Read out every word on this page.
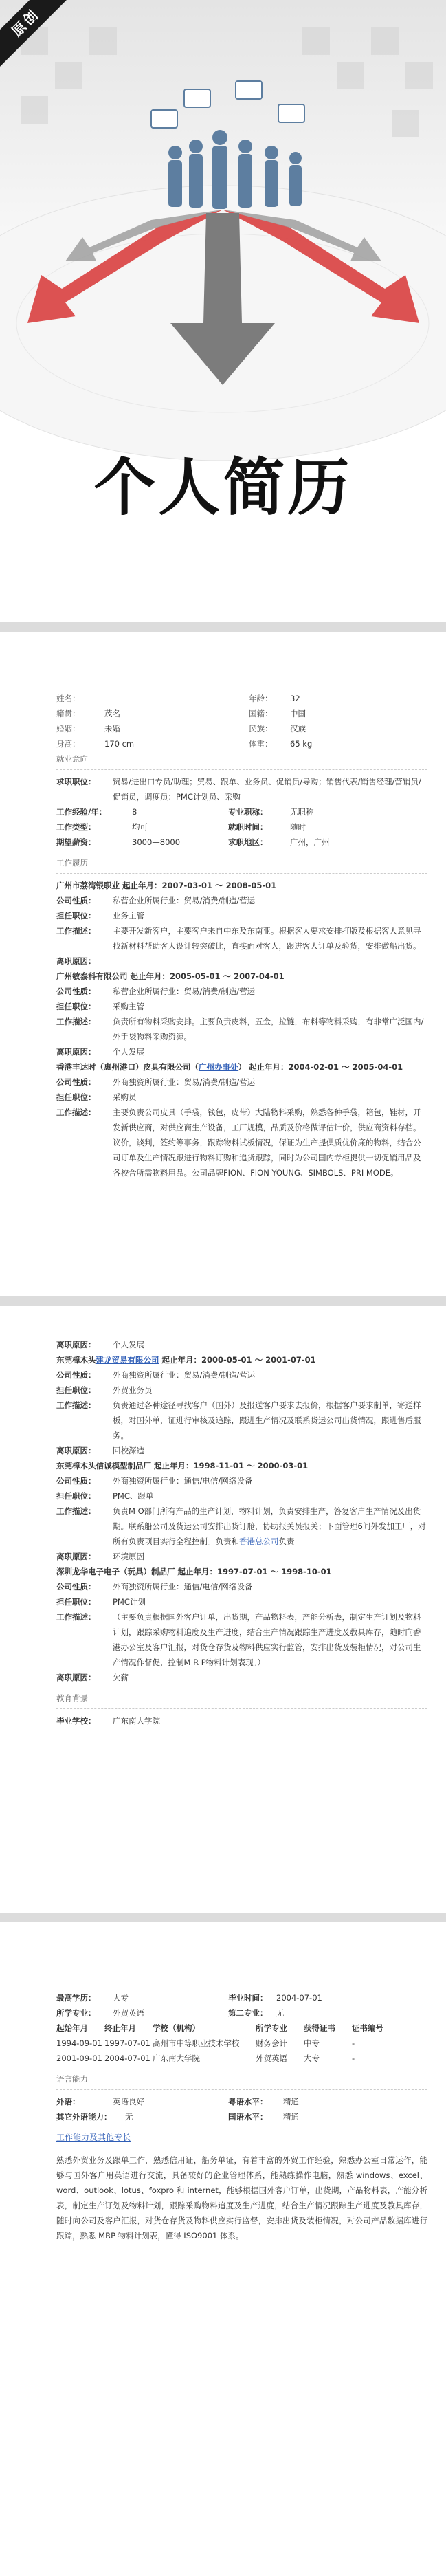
原创
个人简历
姓名：	年龄： 32
籍贯：	茂名	国籍： 中国
婚姻：	未婚	民族： 汉族
身高：	170 cm	体重： 65 kg
就业意向
求职职位： 贸易/进出口专员/助理；贸易、跟单、业务员、促销员/导购；销售代表/销售经理/营销员/促销员，调度员：PMC计划员、采购
工作经验/年：	8	专业职称：	无职称
工作类型：	均可	就职时间：	随时
期望薪资：	3000—8000	求职地区：	广州，广州
工作履历
广州市荔湾银职业 起止年月：2007-03-01 ～ 2008-05-01
公司性质： 私营企业所属行业：贸易/消费/制造/营运
担任职位： 业务主管
工作描述： 主要开发新客户，主要客户来自中东及东南亚。根据客人要求安排打版及根据客人意见寻找新材料帮助客人设计较突破比，直接面对客人，跟进客人订单及验货，安排做船出货。
离职原因：
广州敏泰科有限公司 起止年月：2005-05-01 ～ 2007-04-01
公司性质： 私营企业所属行业：贸易/消费/制造/营运
担任职位： 采购主管
工作描述： 负责所有物料采购安排。主要负责皮料，五金，拉链，布料等物料采购，有非常广泛国内/外手袋物料采购资源。
离职原因： 个人发展
香港丰达时（惠州港口）皮具有限公司（广州办事处） 起止年月：2004-02-01 ～ 2005-04-01
公司性质： 外商独资所属行业：贸易/消费/制造/营运
担任职位： 采购员
工作描述： 主要负责公司皮具（手袋，钱包，皮带）大陆物料采购，熟悉各种手袋，箱包，鞋材，开发新供应商，对供应商生产设备，工厂规模，品质及价格做评估计价，供应商资料存档。议价，谈判，签约等事务，跟踪物料试板情况，保证为生产提供质优价廉的物料，结合公司订单及生产情况跟进行物料订购和追货跟踪，同时为公司国内专柜提供一切促销用品及各校合所需物料用品。公司品牌FION、FION YOUNG、SIMBOLS、PRI MODE。
离职原因： 个人发展
东莞樟木头建龙贸易有限公司 起止年月：2000-05-01 ～ 2001-07-01
公司性质： 外商独资所属行业：贸易/消费/制造/营运
担任职位： 外贸业务员
工作描述： 负责通过各种途径寻找客户（国外）及报送客户要求去报价，根据客户要求制单，寄送样板，对国外单，证进行审核及追踪，跟进生产情况及联系货运公司出货情况，跟进售后服务。
离职原因： 回校深造
东莞樟木头信诚模型制品厂 起止年月：1998-11-01 ～ 2000-03-01
公司性质： 外商独资所属行业：通信/电信/网络设备
担任职位： PMC、跟单
工作描述： 负责M O部门所有产品的生产计划，物料计划，负责安排生产，答复客户生产情况及出货期。联系船公司及货运公司安排出货订舱，协助报关员报关；下面管理6间外发加工厂，对所有负责项目实行全程控制。负责和香港总公司负责
离职原因： 环境原因
深圳龙华电子电子（玩具）制品厂 起止年月：1997-07-01 ～ 1998-10-01
公司性质： 外商独资所属行业：通信/电信/网络设备
担任职位： PMC计划
工作描述： （主要负责根据国外客户订单，出货期，产品物料表，产能分析表，制定生产订划及物料计划，跟踪采购物料追度及生产进度，结合生产情况跟踪生产进度及教具库存，随时向香港办公室及客户汇报，对货仓存货及物料供应实行监管，安排出货及装柜情况，对公司生产情况作督促，控制M R P物料计划表现。）
离职原因： 欠薪
教育背景
毕业学校： 广东南大学院
最高学历： 大专	毕业时间： 2004-07-01
所学专业： 外贸英语	第二专业： 无
起始年月 终止年月 学校（机构）	所学专业 获得证书 证书编号
1994-09-01 1997-07-01 高州市中等职业技术学校 财务会计 中专	-
2001-09-01 2004-07-01 广东南大学院	外贸英语 大专	-
语言能力
外语：	英语良好	粤语水平： 精通
其它外语能力： 无	国语水平： 精通
工作能力及其他专长
熟悉外贸业务及跟单工作，熟悉信用证，船务单证，有着丰富的外贸工作经验，熟悉办公室日常运作，能够与国外客户用英语进行交流，具备较好的企业管理体系，能熟练操作电脑，熟悉 windows、excel、word、outlook、lotus、foxpro 和 internet，能够根据国外客户订单，出货期，产品物料表，产能分析表，制定生产订划及物料计划，跟踪采购物料追度及生产进度，结合生产情况跟踪生产进度及教具库存，随时向公司及客户汇报，对货仓存货及物料供应实行监督，安排出货及装柜情况，对公司产品数据库进行跟踪，熟悉 MRP 物料计划表，懂得 ISO9001 体系。
